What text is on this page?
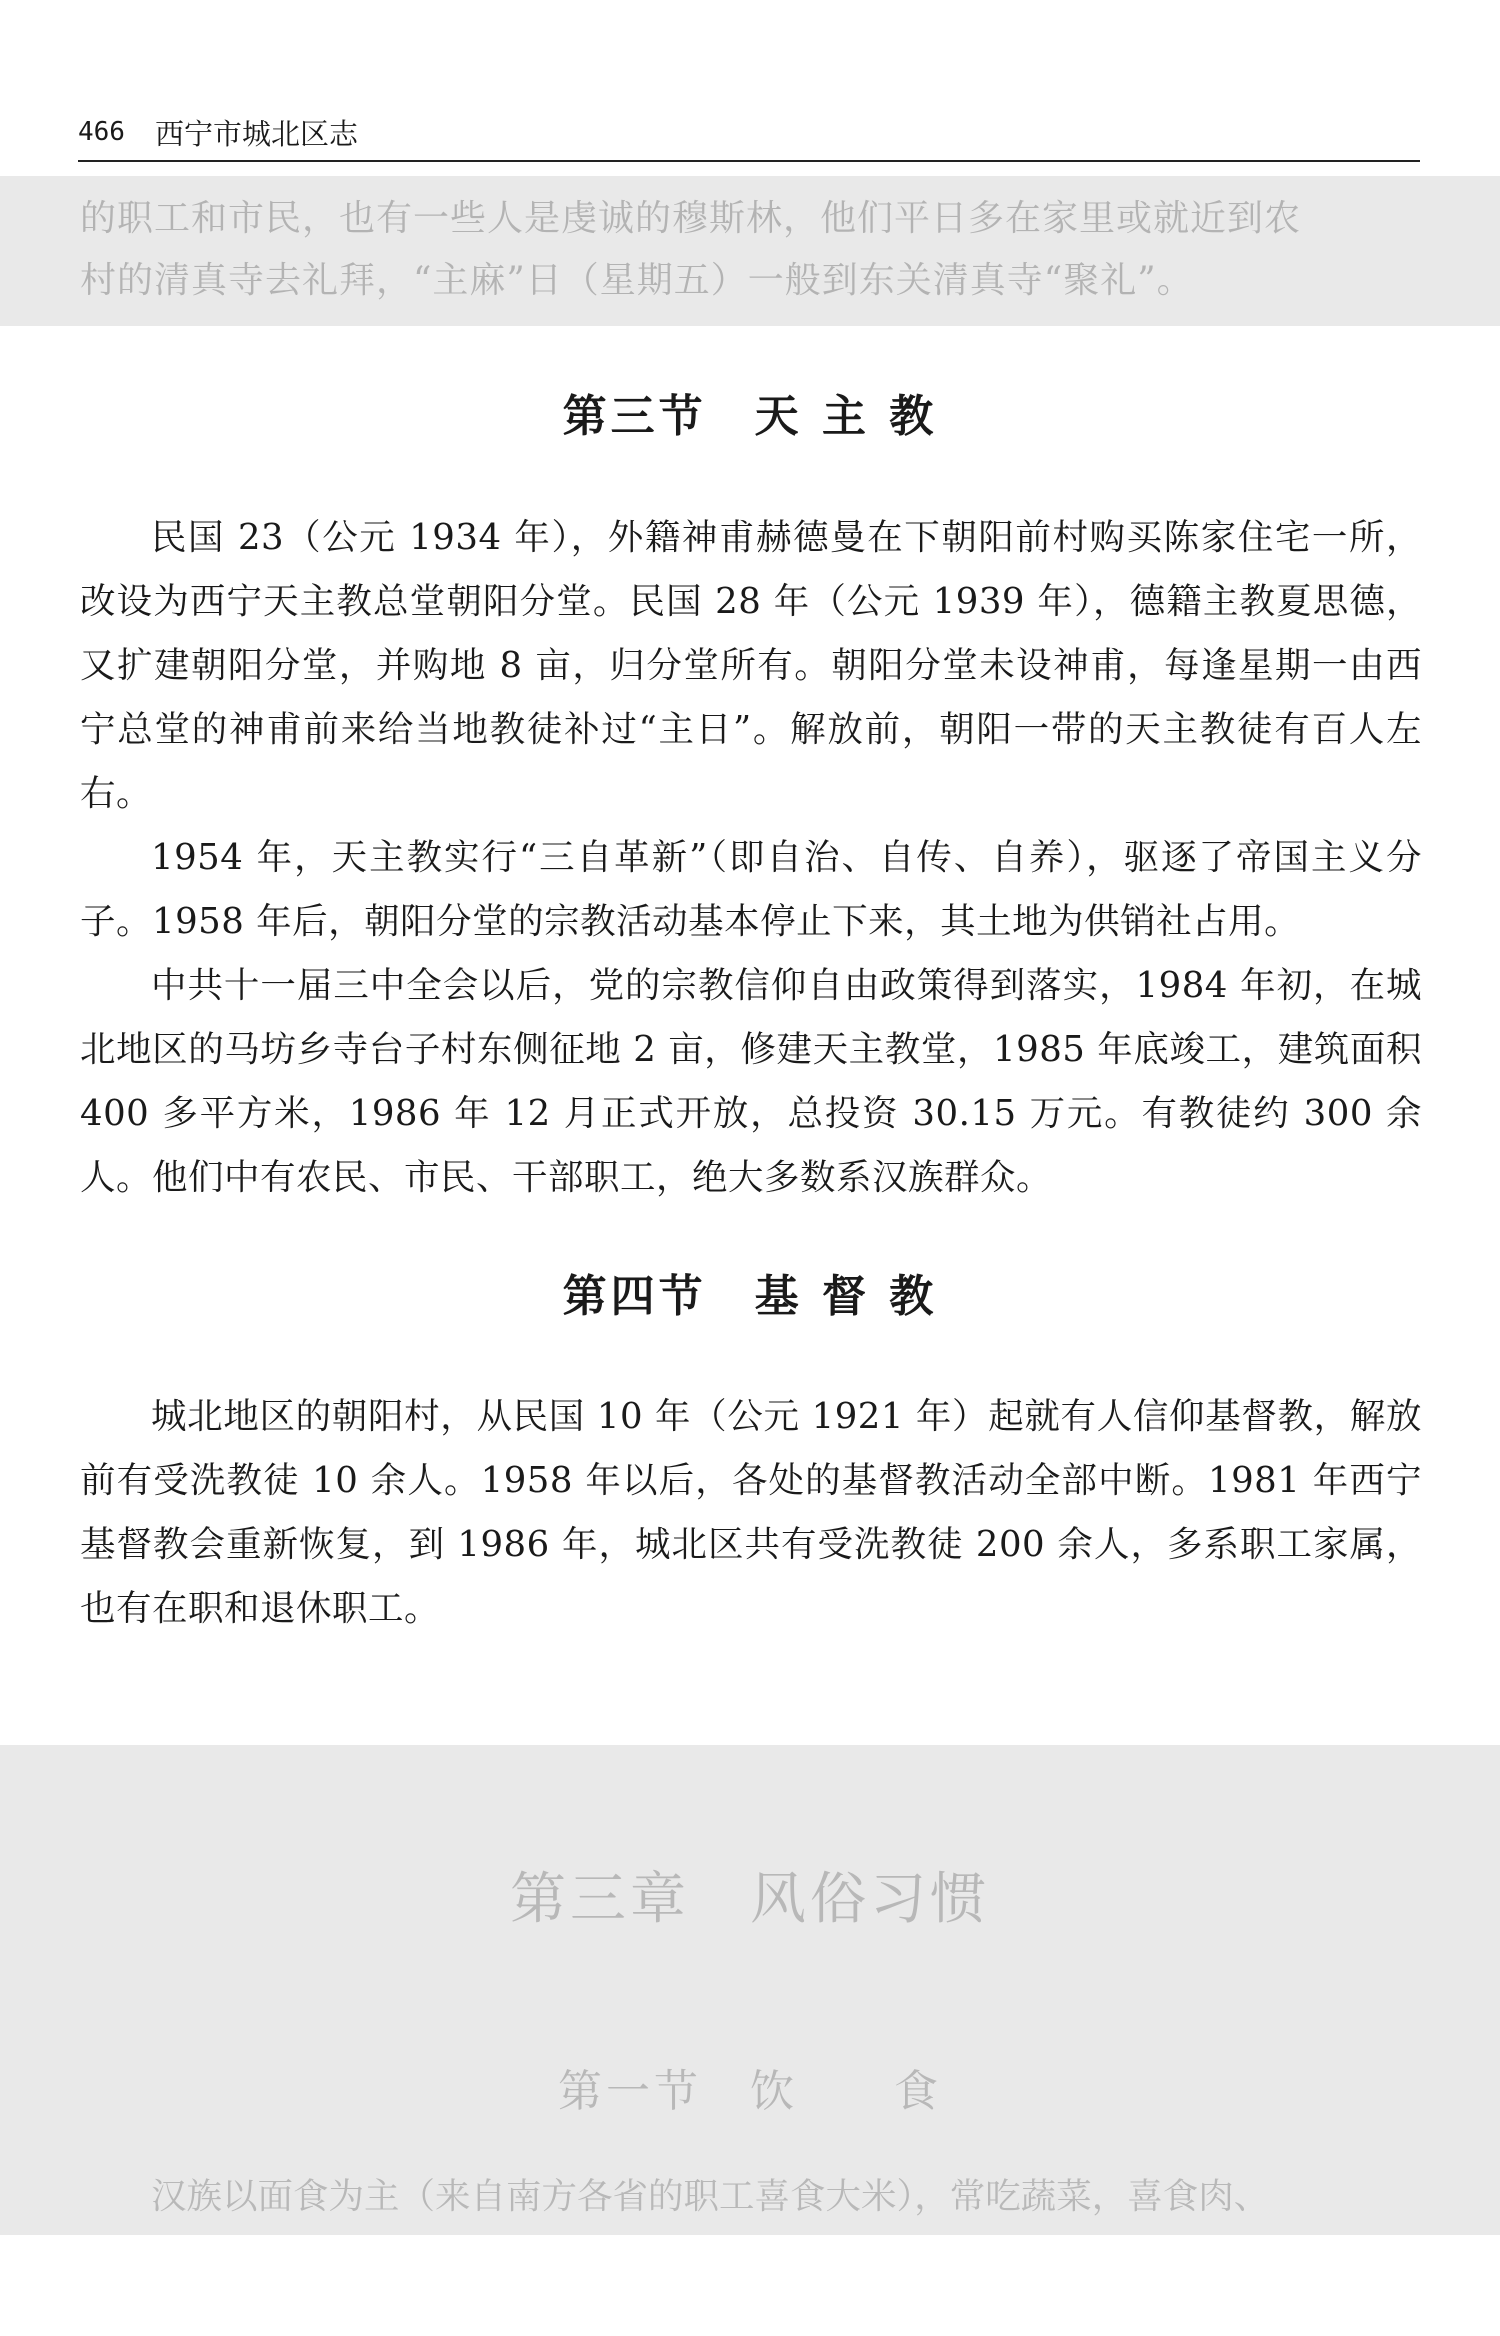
466 西宁市城北区志

的职工和市民，也有一些人是虔诚的穆斯林，他们平日多在家里或就近到农

村的清真寺去礼拜，“主麻”日（星期五）一般到东关清真寺“聚礼”。

第三节　天 主 教

民国 23（公元 1934 年），外籍神甫赫德曼在下朝阳前村购买陈家住宅一所，改设为西宁天主教总堂朝阳分堂。民国 28 年（公元 1939 年），德籍主教夏思德，又扩建朝阳分堂，并购地 8 亩，归分堂所有。朝阳分堂未设神甫，每逢星期一由西宁总堂的神甫前来给当地教徒补过“主日”。解放前，朝阳一带的天主教徒有百人左右。

1954 年，天主教实行“三自革新”（即自治、自传、自养），驱逐了帝国主义分子。1958 年后，朝阳分堂的宗教活动基本停止下来，其土地为供销社占用。

中共十一届三中全会以后，党的宗教信仰自由政策得到落实，1984 年初，在城北地区的马坊乡寺台子村东侧征地 2 亩，修建天主教堂，1985 年底竣工，建筑面积 400 多平方米，1986 年 12 月正式开放，总投资 30.15 万元。有教徒约 300 余人。他们中有农民、市民、干部职工，绝大多数系汉族群众。

第四节　基 督 教

城北地区的朝阳村，从民国 10 年（公元 1921 年）起就有人信仰基督教，解放前有受洗教徒 10 余人。1958 年以后，各处的基督教活动全部中断。1981 年西宁基督教会重新恢复，到 1986 年，城北区共有受洗教徒 200 余人，多系职工家属，也有在职和退休职工。

第三章　风俗习惯
第一节　饮　　食

汉族以面食为主（来自南方各省的职工喜食大米），常吃蔬菜，喜食肉、
